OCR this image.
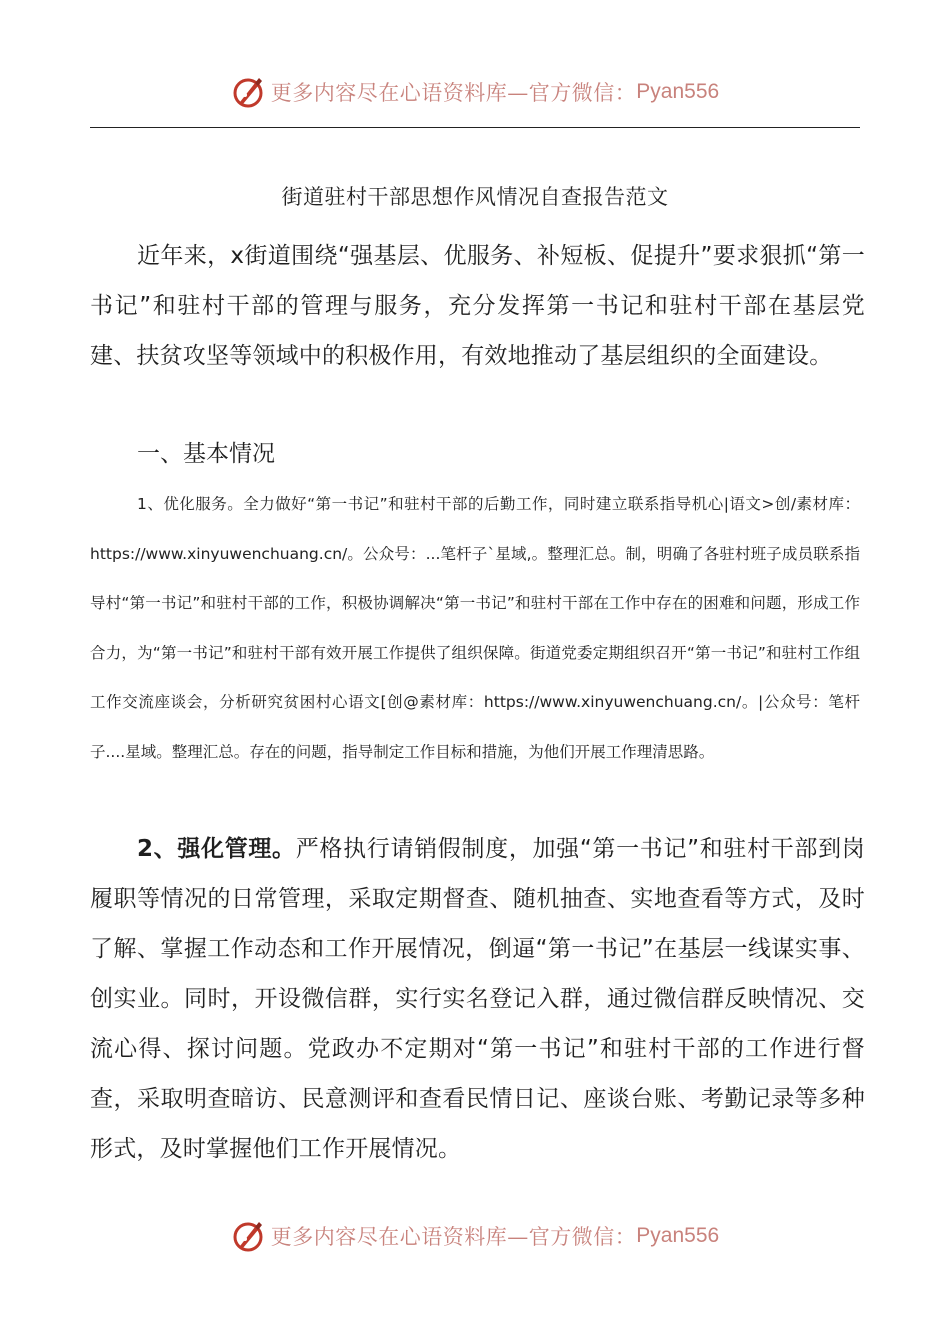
更多内容尽在心语资料库—官方微信： Pyan556
街道驻村干部思想作风情况自查报告范文

近年来，x街道围绕“强基层、优服务、补短板、促提升”要求狠抓“第一书记”和驻村干部的管理与服务，充分发挥第一书记和驻村干部在基层党建、扶贫攻坚等领域中的积极作用，有效地推动了基层组织的全面建设。

一、基本情况

1、优化服务。全力做好“第一书记”和驻村干部的后勤工作，同时建立联系指导机心|语文>创/素材库：https://www.xinyuwenchuang.cn/。公众号：...笔杆子`星域,。整理汇总。制，明确了各驻村班子成员联系指导村“第一书记”和驻村干部的工作，积极协调解决“第一书记”和驻村干部在工作中存在的困难和问题，形成工作合力，为“第一书记”和驻村干部有效开展工作提供了组织保障。街道党委定期组织召开“第一书记”和驻村工作组工作交流座谈会，分析研究贫困村心语文[创@素材库：https://www.xinyuwenchuang.cn/。|公众号：笔杆子....星域。整理汇总。存在的问题，指导制定工作目标和措施，为他们开展工作理清思路。

2、强化管理。严格执行请销假制度，加强“第一书记”和驻村干部到岗履职等情况的日常管理，采取定期督查、随机抽查、实地查看等方式，及时了解、掌握工作动态和工作开展情况，倒逼“第一书记”在基层一线谋实事、创实业。同时，开设微信群，实行实名登记入群，通过微信群反映情况、交流心得、探讨问题。党政办不定期对“第一书记”和驻村干部的工作进行督查，采取明查暗访、民意测评和查看民情日记、座谈台账、考勤记录等多种形式，及时掌握他们工作开展情况。

更多内容尽在心语资料库—官方微信： Pyan556
